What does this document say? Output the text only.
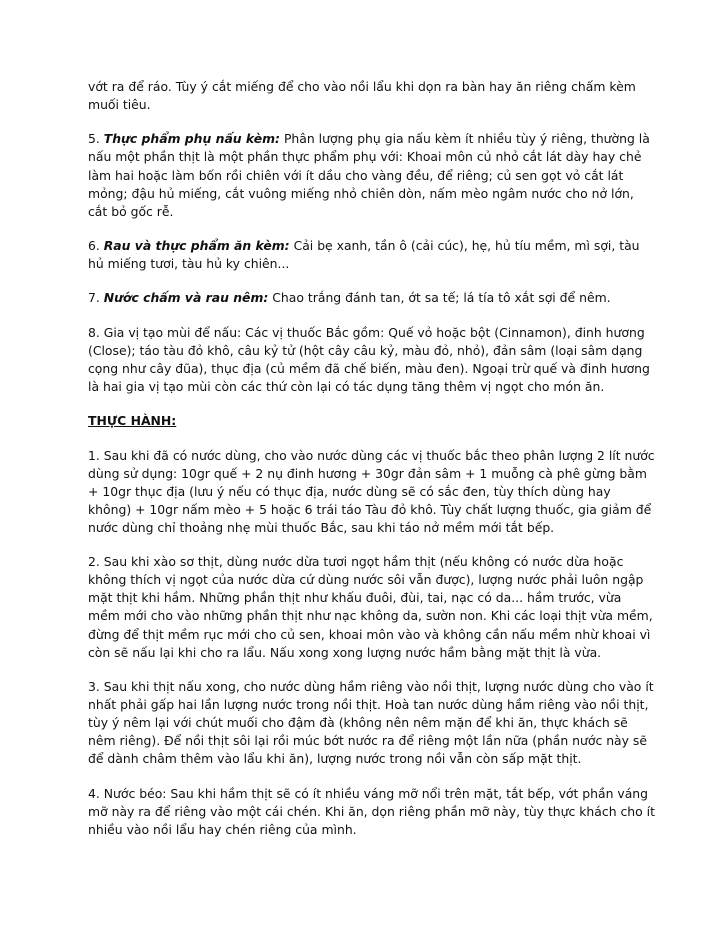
vớt ra để ráo. Tùy ý cắt miếng để cho vào nồi lẩu khi dọn ra bàn hay ăn riêng chấm kèm muối tiêu.

5. Thực phẩm phụ nấu kèm: Phân lượng phụ gia nấu kèm ít nhiều tùy ý riêng, thường là nấu một phần thịt là một phần thực phẩm phụ với: Khoai môn củ nhỏ cắt lát dày hay chẻ làm hai hoặc làm bốn rồi chiên với ít dầu cho vàng đều, để riêng; củ sen gọt vỏ cắt lát mỏng; đậu hủ miếng, cắt vuông miếng nhỏ chiên dòn, nấm mèo ngâm nước cho nở lớn, cắt bỏ gốc rễ.

6. Rau và thực phẩm ăn kèm: Cải bẹ xanh, tần ô (cải cúc), hẹ, hủ tíu mềm, mì sợi, tàu hủ miếng tươi, tàu hủ ky chiên...

7. Nước chấm và rau nêm: Chao trắng đánh tan, ớt sa tế; lá tía tô xắt sợi để nêm.

8. Gia vị tạo mùi để nấu: Các vị thuốc Bắc gồm: Quế vỏ hoặc bột (Cinnamon), đinh hương (Close); táo tàu đỏ khô, câu kỷ tử (hột cây câu kỷ, màu đỏ, nhỏ), đản sâm (loại sâm dạng cọng như cây đũa), thục địa (củ mềm đã chế biến, màu đen). Ngoại trừ quế và đinh hương là hai gia vị tạo mùi còn các thứ còn lại có tác dụng tăng thêm vị ngọt cho món ăn.

THỰC HÀNH:

1. Sau khi đã có nước dùng, cho vào nước dùng các vị thuốc bắc theo phân lượng 2 lít nước dùng sử dụng: 10gr quế + 2 nụ đinh hương + 30gr đản sâm + 1 muỗng cà phê gừng bằm + 10gr thục địa (lưu ý nếu có thục địa, nước dùng sẽ có sắc đen, tùy thích dùng hay không) + 10gr nấm mèo + 5 hoặc 6 trái táo Tàu đỏ khô. Tùy chất lượng thuốc, gia giảm để nước dùng chỉ thoảng nhẹ mùi thuốc Bắc, sau khi táo nở mềm mới tắt bếp.

2. Sau khi xào sơ thịt, dùng nước dừa tươi ngọt hầm thịt (nếu không có nước dừa hoặc không thích vị ngọt của nước dừa cứ dùng nước sôi vẫn được), lượng nước phải luôn ngập mặt thịt khi hầm. Những phần thịt như khấu đuôi, đùi, tai, nạc có da... hầm trước, vừa mềm mới cho vào những phần thịt như nạc không da, sườn non. Khi các loại thịt vừa mềm, đừng để thịt mềm rục mới cho củ sen, khoai môn vào và không cần nấu mềm nhừ khoai vì còn sẽ nấu lại khi cho ra lẩu. Nấu xong xong lượng nước hầm bằng mặt thịt là vừa.

3. Sau khi thịt nấu xong, cho nước dùng hầm riêng vào nồi thịt, lượng nước dùng cho vào ít nhất phải gấp hai lần lượng nước trong nồi thịt. Hoà tan nước dùng hầm riêng vào nồi thịt, tùy ý nêm lại với chút muối cho đậm đà (không nên nêm mặn để khi ăn, thực khách sẽ nêm riêng). Để nồi thịt sôi lại rồi múc bớt nước ra để riêng một lần nữa (phần nước này sẽ để dành châm thêm vào lẩu khi ăn), lượng nước trong nồi vẫn còn sấp mặt thịt.

4. Nước béo: Sau khi hầm thịt sẽ có ít nhiều váng mỡ nổi trên mặt, tắt bếp, vớt phần váng mỡ này ra để riêng vào một cái chén. Khi ăn, dọn riêng phần mỡ này, tùy thực khách cho ít nhiều vào nồi lẩu hay chén riêng của mình.
